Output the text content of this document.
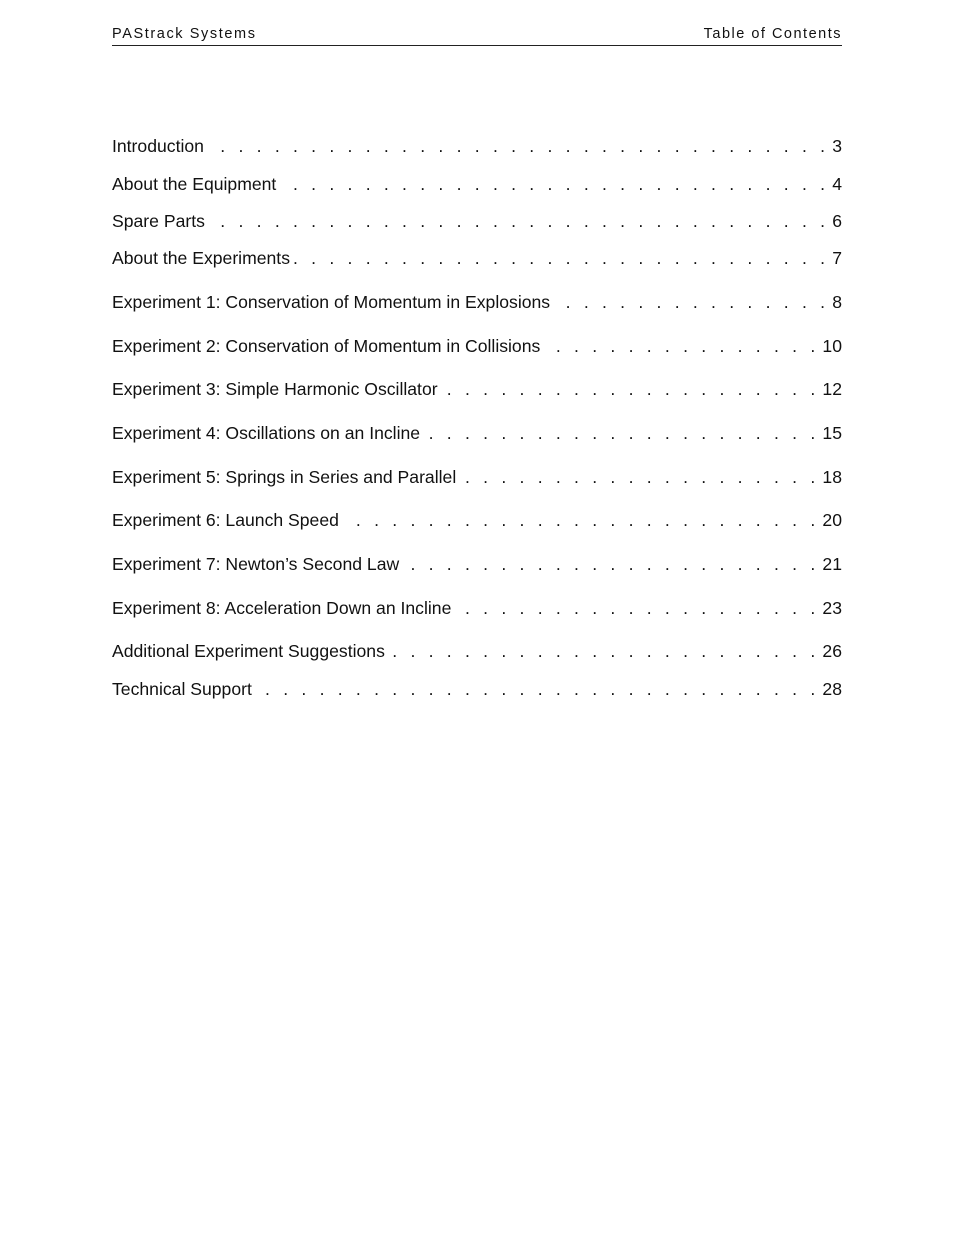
PAStrack Systems	Table of Contents
Introduction . . .	3
About the Equipment . . .	4
Spare Parts . . .	6
About the Experiments . . .	7
Experiment 1: Conservation of Momentum in Explosions . . .	8
Experiment 2: Conservation of Momentum in Collisions . . .	10
Experiment 3: Simple Harmonic Oscillator . . .	12
Experiment 4: Oscillations on an Incline . . .	15
Experiment 5: Springs in Series and Parallel . . .	18
Experiment 6: Launch Speed . . .	20
Experiment 7: Newton’s Second Law . . .	21
Experiment 8: Acceleration Down an Incline . . .	23
Additional Experiment Suggestions . . .	26
Technical Support . . .	28
